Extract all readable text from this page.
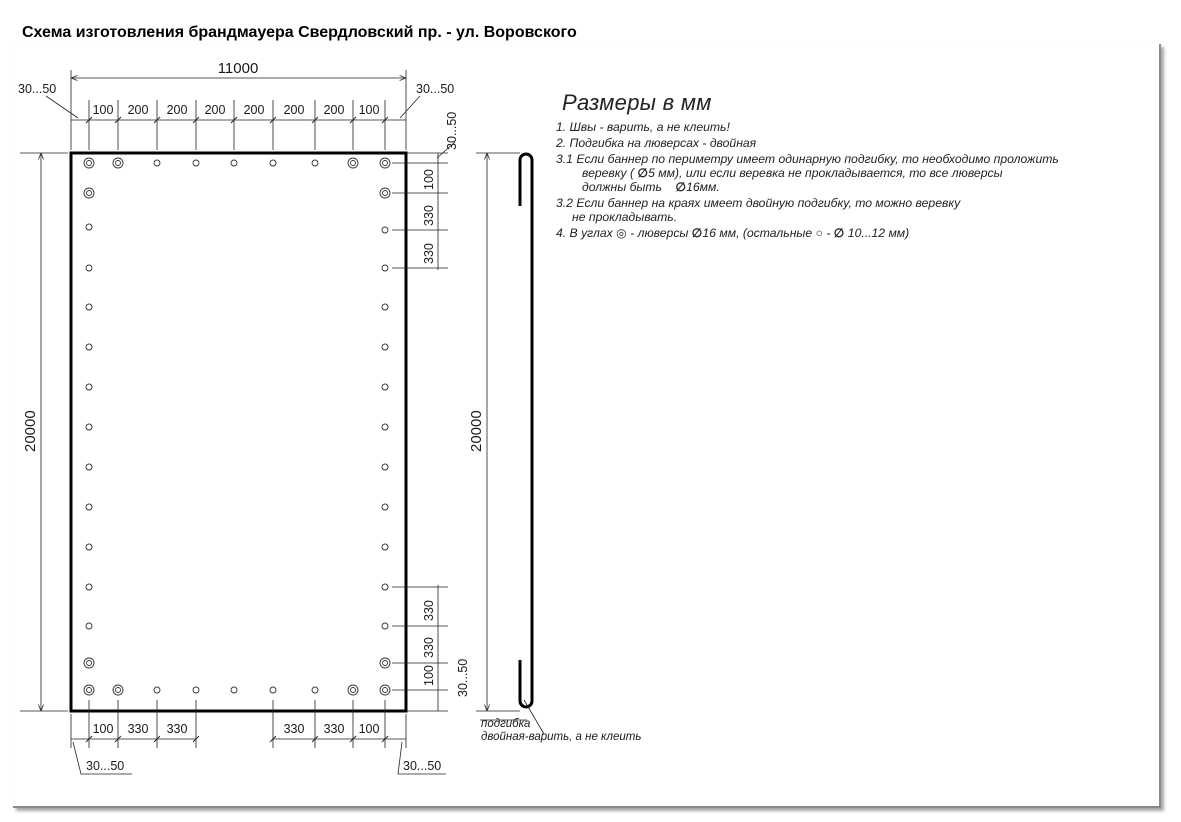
Схема изготовления брандмауера Свердловский пр. - ул. Воровского
11000
100 200 200 200 200 200 200 100
30...50	30...50
30...50
20000
100
330
330
330
330
100 30...50
100 330 330	330 330 100
30...50	30...50
20000
подгибка
двойная-варить, а не клеить
Размеры в мм
1. Швы - варить, а не клеить!
2. Подгибка на люверсах - двойная
3.1 Если баннер по периметру имеет одинарную подгибку, то необходимо проложить
веревку ( ∅5 мм), или если веревка не прокладывается, то все люверсы
должны быть ∅16мм.
3.2 Если баннер на краях имеет двойную подгибку, то можно веревку
не прокладывать.
4. В углах ◎ - люверсы ∅16 мм, (остальные ○ - ∅ 10...12 мм)
